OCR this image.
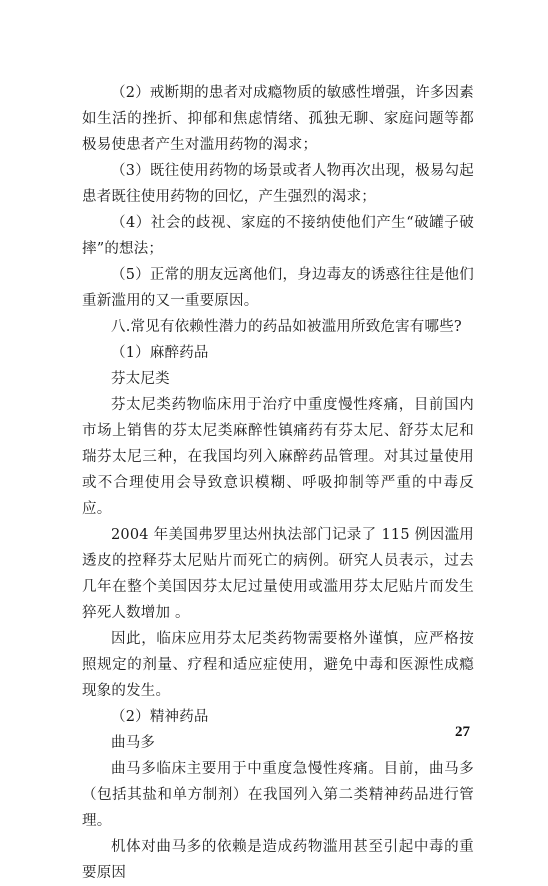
（2）戒断期的患者对成瘾物质的敏感性增强，许多因素如生活的挫折、抑郁和焦虑情绪、孤独无聊、家庭问题等都极易使患者产生对滥用药物的渴求；

（3）既往使用药物的场景或者人物再次出现，极易勾起患者既往使用药物的回忆，产生强烈的渴求；

（4）社会的歧视、家庭的不接纳使他们产生“破罐子破摔”的想法；

（5）正常的朋友远离他们，身边毒友的诱惑往往是他们重新滥用的又一重要原因。

八.常见有依赖性潜力的药品如被滥用所致危害有哪些?

（1）麻醉药品

芬太尼类

芬太尼类药物临床用于治疗中重度慢性疼痛，目前国内市场上销售的芬太尼类麻醉性镇痛药有芬太尼、舒芬太尼和瑞芬太尼三种，在我国均列入麻醉药品管理。对其过量使用或不合理使用会导致意识模糊、呼吸抑制等严重的中毒反应。

2004 年美国弗罗里达州执法部门记录了 115 例因滥用透皮的控释芬太尼贴片而死亡的病例。研究人员表示，过去几年在整个美国因芬太尼过量使用或滥用芬太尼贴片而发生猝死人数增加 。

因此，临床应用芬太尼类药物需要格外谨慎，应严格按照规定的剂量、疗程和适应症使用，避免中毒和医源性成瘾现象的发生。

（2）精神药品

曲马多

曲马多临床主要用于中重度急慢性疼痛。目前，曲马多（包括其盐和单方制剂）在我国列入第二类精神药品进行管理。

机体对曲马多的依赖是造成药物滥用甚至引起中毒的重要原因

27
